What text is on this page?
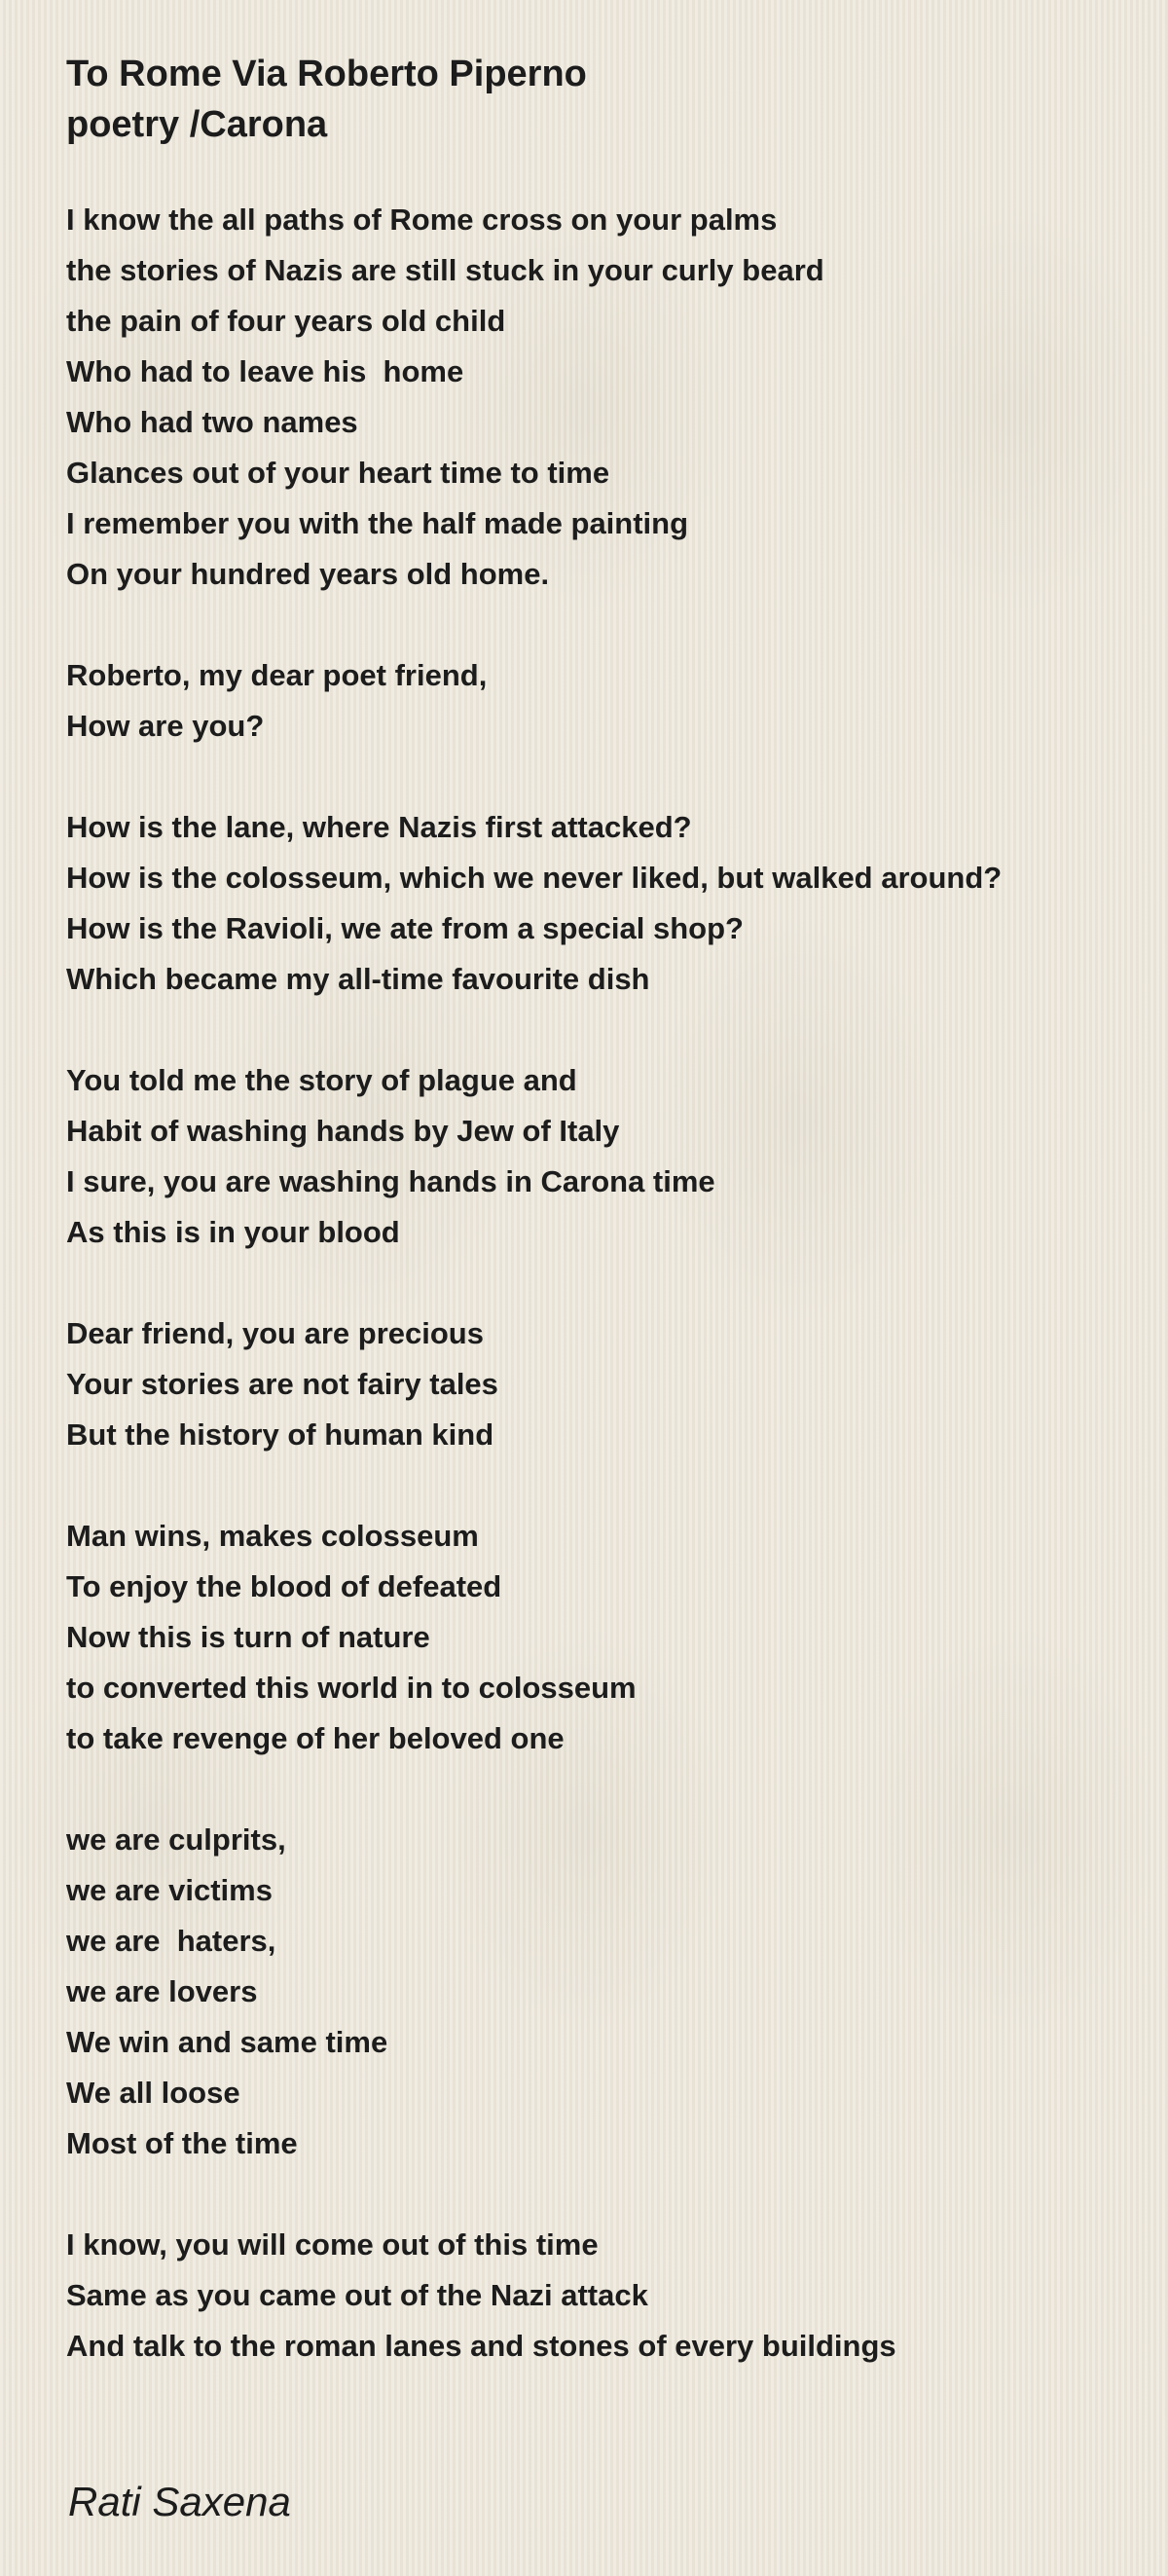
To Rome Via Roberto Piperno
poetry /Carona
I know the all paths of Rome cross on your palms
the stories of Nazis are still stuck in your curly beard
the pain of four years old child
Who had to leave his  home
Who had two names
Glances out of your heart time to time
I remember you with the half made painting
On your hundred years old home.
Roberto, my dear poet friend,
How are you?
How is the lane, where Nazis first attacked?
How is the colosseum, which we never liked, but walked around?
How is the Ravioli, we ate from a special shop?
Which became my all-time favourite dish
You told me the story of plague and
Habit of washing hands by Jew of Italy
I sure, you are washing hands in Carona time
As this is in your blood
Dear friend, you are precious
Your stories are not fairy tales
But the history of human kind
Man wins, makes colosseum
To enjoy the blood of defeated
Now this is turn of nature
to converted this world in to colosseum
to take revenge of her beloved one
we are culprits,
we are victims
we are  haters,
we are lovers
We win and same time
We all loose
Most of the time
I know, you will come out of this time
Same as you came out of the Nazi attack
And talk to the roman lanes and stones of every buildings
Rati Saxena
